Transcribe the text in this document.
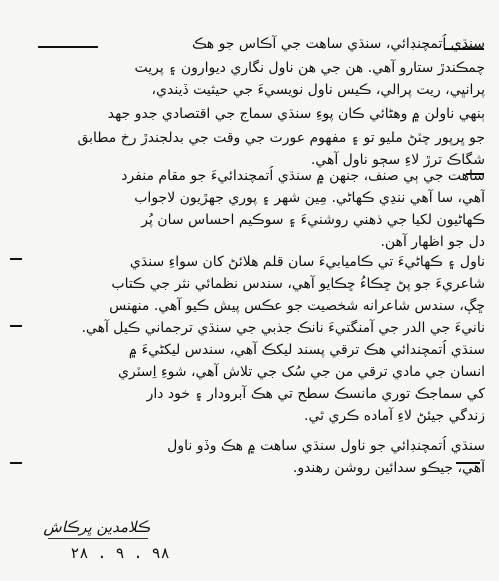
سنڌي اُتمچنڊائي، سنڌي ساهت جي آڪاس جو هڪ
چمڪندڙ ستارو آهي. هن جي هن ناول نگاري ديوارون ۽ پريت
پرانڀي، ريت پرالي، ڪيس ناول نويسيءَ جي حيثيت ڏيندي،
ٻنهي ناولن ۾ وهڻائي ڪان پوءِ سنڌي سماج جي اقتصادي جدو جهد
جو ڀرپور چٽڻ مليو تو ۽ مفهوم عورت جي وقت جي بدلجندڙ رخ مطابق
شگاڪ ترڙ لاءِ سڄو ناول آهي.
ساهت جي ٻي صنف، جنهن ۾ سنڌي اُتمچندائيءَ جو مقام منفرد
آهي، سا آهي ننڍي ڪهاڻي. مِين شهر ۽ پوري جهڙيون لاجواب
ڪهاڻيون لکيا جي ذهني روشنيءَ ۽ سوڪيم احساس سان پُر
دل جو اظهار آهن.
ناول ۽ ڪهاڻيءَ تي ڪاميابيءَ سان قلم هلائڻ کان سواءِ سنڌي
شاعريءَ جو پڻ ڇڪاءُ ڇڪايو آهي، سندس نظمائي نثر جي ڪتاب
ڇڳ، سندس شاعرانه شخصيت جو عڪس پيش ڪيو آهي. منهنس
نانيءَ جي الدر جي آمنگتيءَ نانڪ جذبي جي سنڌي ترجماني ڪيل آهي.
سنڌي اُتمچندائي هڪ ترقي پسند ليکڪ آهي، سندس ليکڻيءَ ۾
انسان جي مادي ترقي من جي سُک جي تلاش آهي، شوءِ اِسٽري
کي سماجڪ توري مانسڪ سطح تي هڪ آبرودار ۽ خود دار
زندگي جيئڻ لاءِ آماده ڪري ٿي.
سنڌي اُتمچنڊائي جو ناول سنڌي ساهت ۾ هڪ وڏو ناول
آهي، جيڪو سدائين روشن رهندو.
ڪلامدين ڀرڪاش
۲۸ . ۹ . ۹۸
